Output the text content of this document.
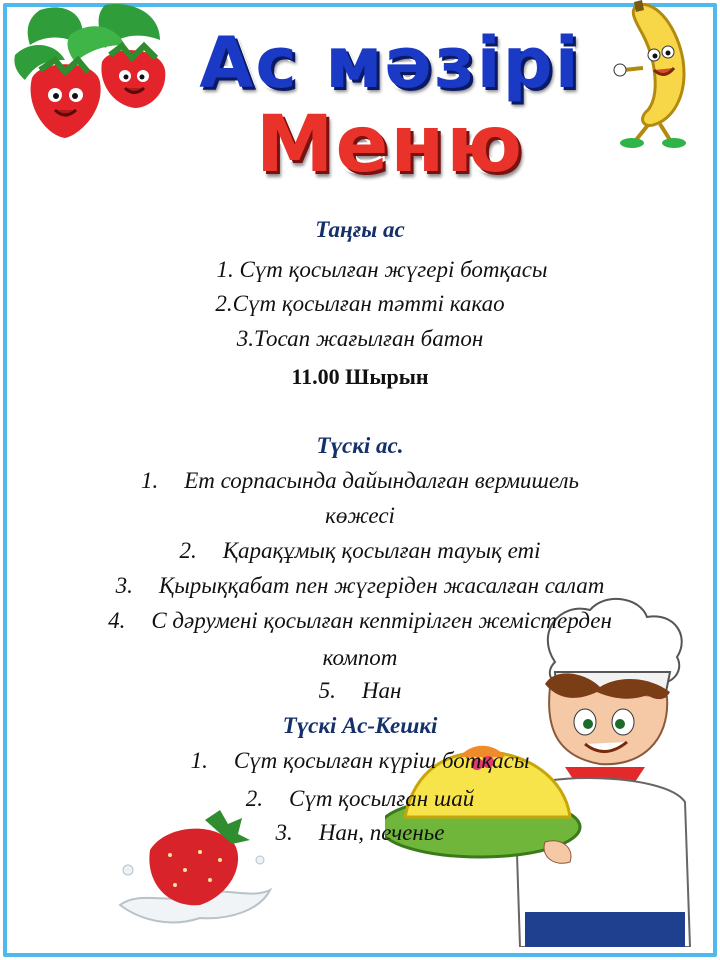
Ас мәзірі
Меню
Таңғы ас
1. Сүт қосылған жүгері ботқасы
2.Сүт қосылған тәтті какао
3.Тосап жағылған батон
11.00 Шырын
Түскі ас.
1. Ет сорпасында дайындалған вермишель
көжесі
2. Қарақұмық қосылған тауық еті
3. Қырыққабат пен жүгеріден жасалған салат
4. С дәрумені қосылған кептірілген жемістерден
компот
5. Нан
Түскі Ас-Кешкі
1. Сүт қосылған күріш ботқасы
2. Сүт қосылған шай
3. Нан, печенье
